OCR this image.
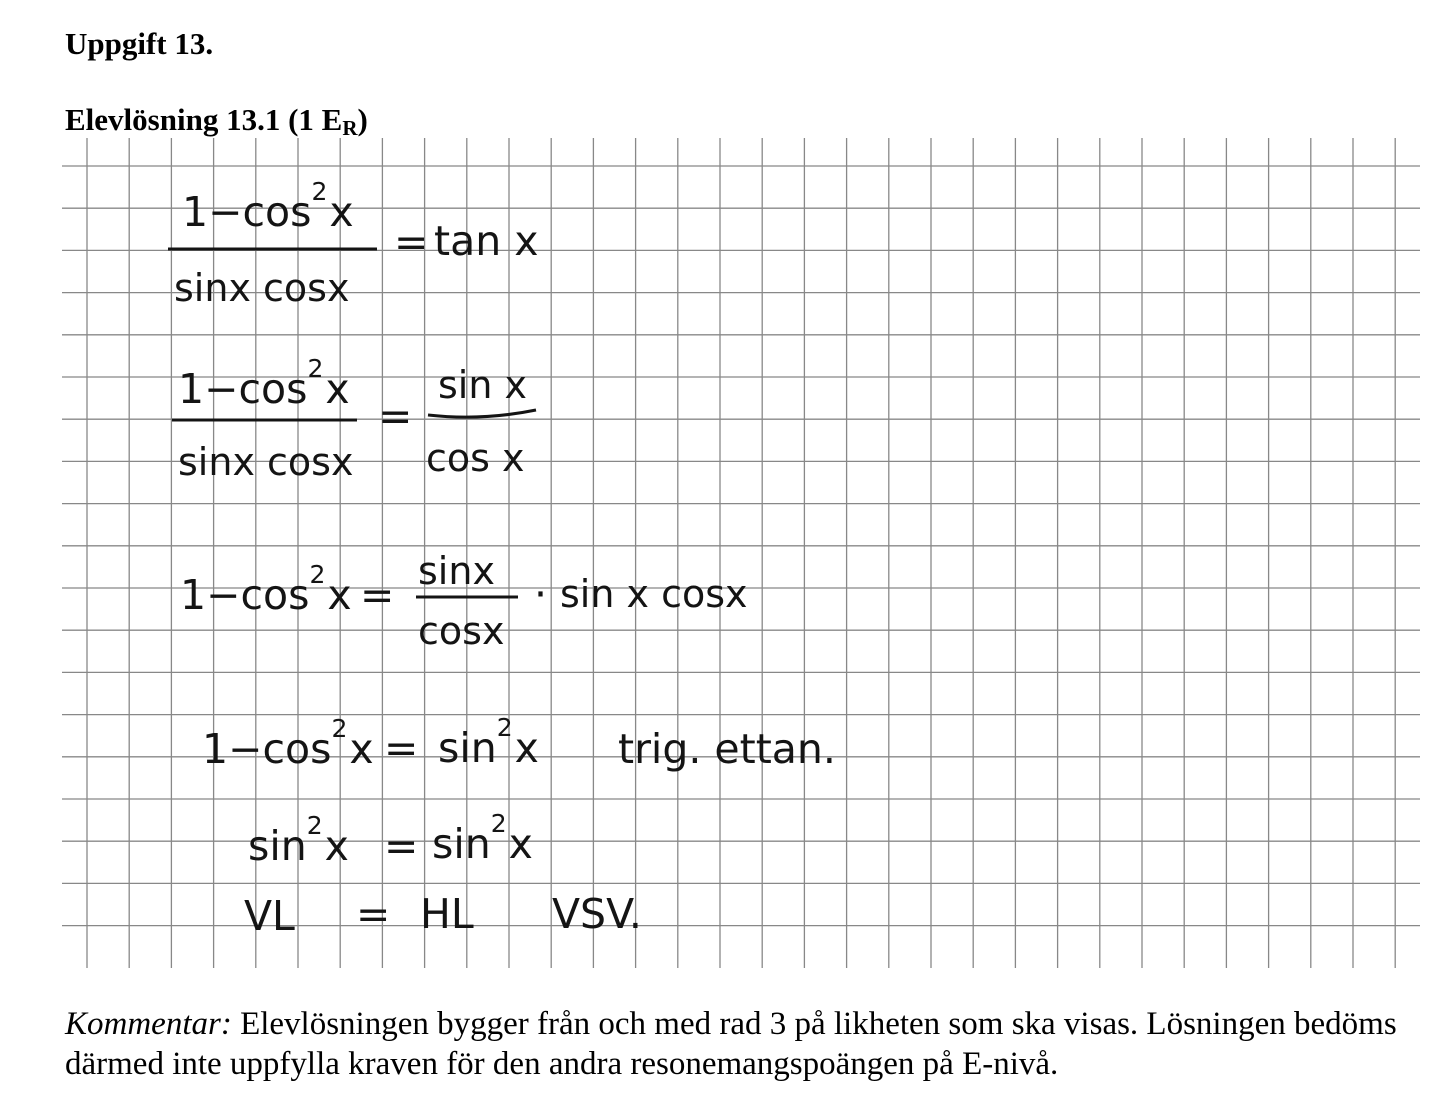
Uppgift 13.
Elevlösning 13.1 (1 $E_R$)
$1-\cos^2x$
sinx cosx
= tan x
$1-\cos^2x$
sinx cosx
=
sin x
cos x
$1-\cos^2x = \sin x$
cosx
· sin x cosx
$1-\cos^2x = \sin^2x$ trig. ettan.
$\sin^2x = \sin^2x$
VL = HL VSV.
Kommentar: Elevlösningen bygger från och med rad 3 på likheten som ska visas. Lösningen bedöms därmed inte uppfylla kraven för den andra resonemangspoängen på E-nivå.
